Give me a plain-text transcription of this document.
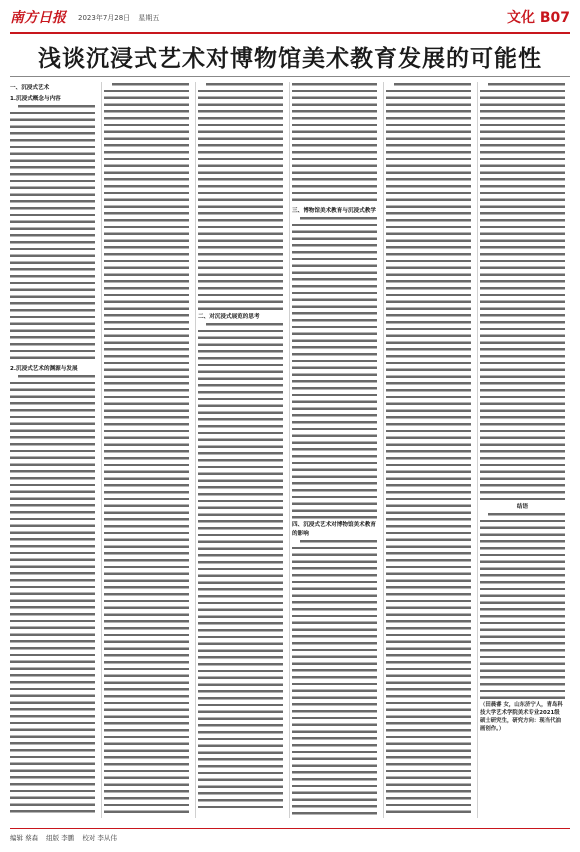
南方日报 2023年7月28日 星期五	文化 B07
浅谈沉浸式艺术对博物馆美术教育发展的可能性
一、沉浸式艺术
1.沉浸式概念与内容
2.沉浸式艺术的渊源与发展
二、对沉浸式展览的思考
三、博物馆美术教育与沉浸式教学
四、沉浸式艺术对博物馆美术教育的影响
结语
（田晨睿 女，山东济宁人，青岛科技大学艺术学院美术专业2021级硕士研究生，研究方向：现当代油画创作。）
编辑 蔡森 组版 李鹏 校对 李从伟
